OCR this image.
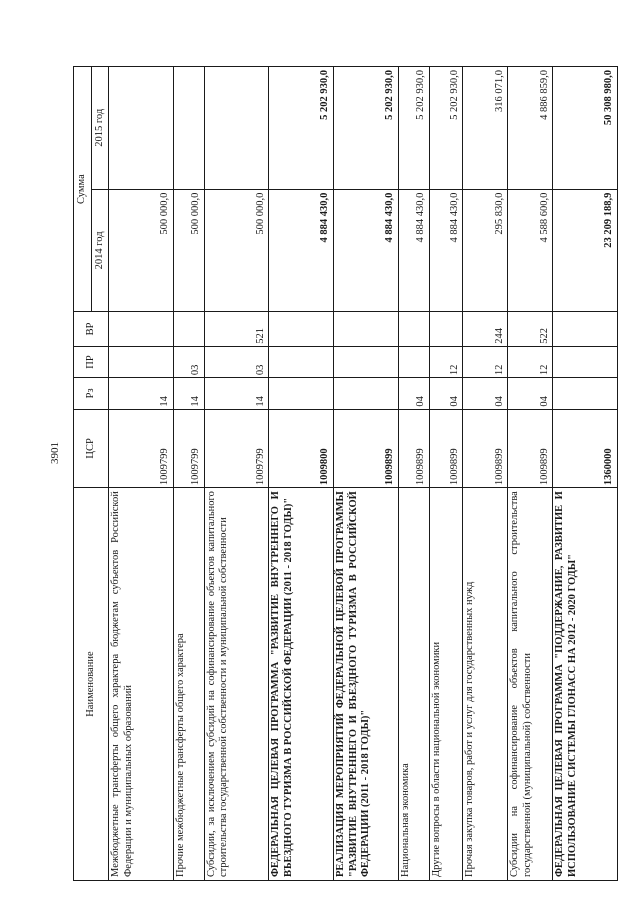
3901
Наименование	ЦСР	Рз	ПР	ВР	Сумма	
					2014 год	2015 год
Межбюджетные трансферты общего характера бюджетам субъектов Российской Федерации и муниципальных образований	1009799	14			500 000,0	
Прочие межбюджетные трансферты общего характера	1009799	14	03		500 000,0	
Субсидии, за исключением субсидий на софинансирование объектов капитального строительства государственной собственности и муниципальной собственности	1009799	14	03	521	500 000,0	
ФЕДЕРАЛЬНАЯ ЦЕЛЕВАЯ ПРОГРАММА "РАЗВИТИЕ ВНУТРЕННЕГО И ВЪЕЗДНОГО ТУРИЗМА В РОССИЙСКОЙ ФЕДЕРАЦИИ (2011 - 2018 ГОДЫ)"	1009800				4 884 430,0	5 202 930,0
РЕАЛИЗАЦИЯ МЕРОПРИЯТИЙ ФЕДЕРАЛЬНОЙ ЦЕЛЕВОЙ ПРОГРАММЫ "РАЗВИТИЕ ВНУТРЕННЕГО И ВЪЕЗДНОГО ТУРИЗМА В РОССИЙСКОЙ ФЕДЕРАЦИИ (2011 - 2018 ГОДЫ)"	1009899				4 884 430,0	5 202 930,0
Национальная экономика	1009899	04			4 884 430,0	5 202 930,0
Другие вопросы в области национальной экономики	1009899	04	12		4 884 430,0	5 202 930,0
Прочая закупка товаров, работ и услуг для государственных нужд	1009899	04	12	244	295 830,0	316 071,0
Субсидии на софинансирование объектов капитального строительства государственной (муниципальной) собственности	1009899	04	12	522	4 588 600,0	4 886 859,0
ФЕДЕРАЛЬНАЯ ЦЕЛЕВАЯ ПРОГРАММА "ПОДДЕРЖАНИЕ, РАЗВИТИЕ И ИСПОЛЬЗОВАНИЕ СИСТЕМЫ ГЛОНАСС НА 2012 - 2020 ГОДЫ"	1360000				23 209 188,9	50 308 980,0
